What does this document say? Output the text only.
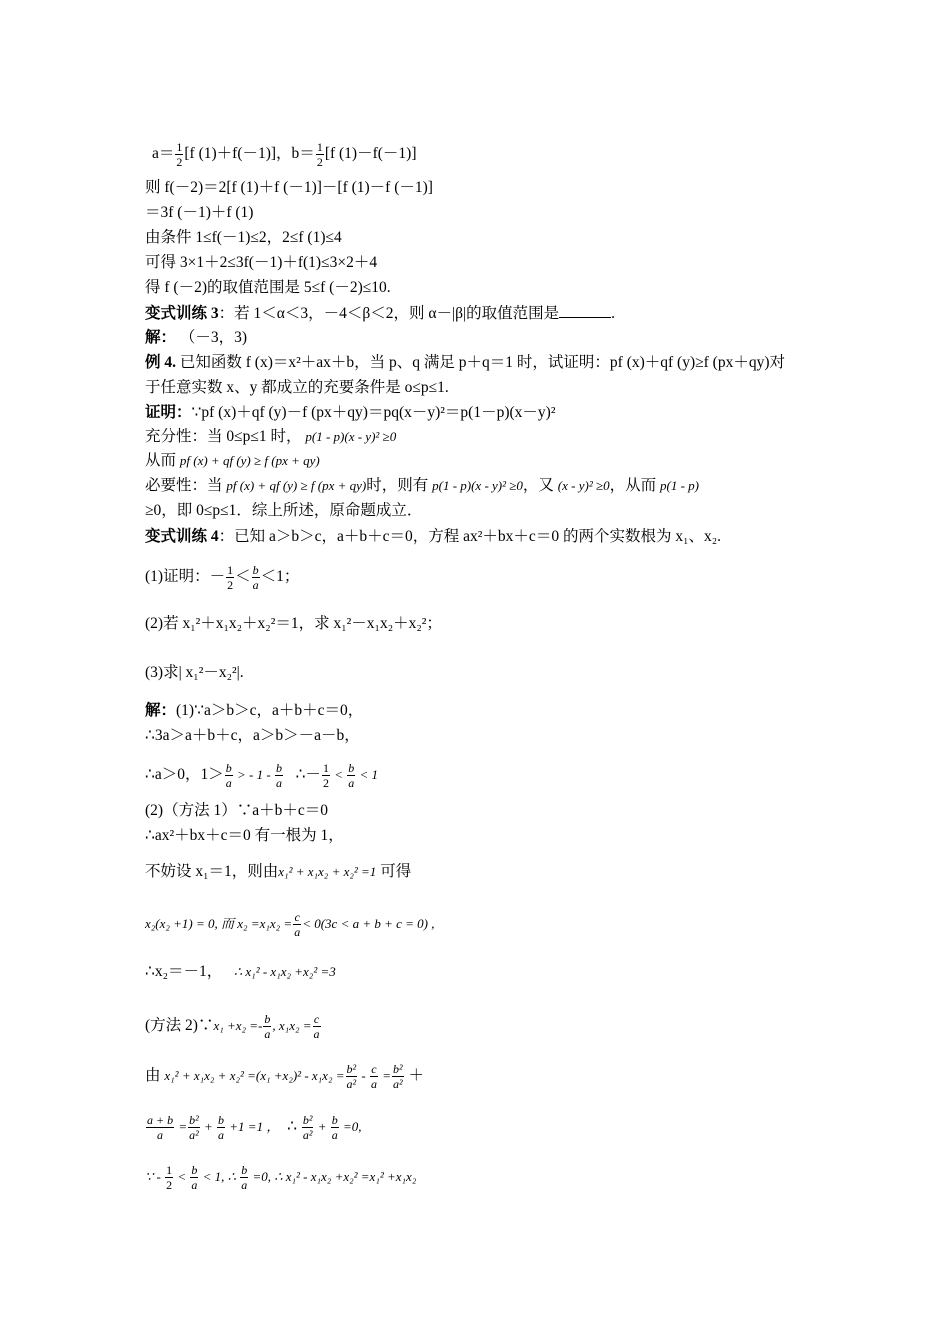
$a= \frac{1}{2} [f$ (1)＋f(－1)]，$b= \frac{1}{2} [f$ (1)－f(－1)]
则 f(－2)＝2[f (1)＋f (－1)]－[f (1)－f (－1)]
＝3f (－1)＋f (1)
由条件 1≤f(－1)≤2，2≤f (1)≤4
可得 3×1＋2≤3f(－1)＋f(1)≤3×2＋4
得 f (－2)的取值范围是 5≤f (－2)≤10.
变式训练 3：若 1＜α＜3，－4＜β＜2，则 α－|β|的取值范围是	.
解： （－3，3)
例 4. 已知函数 f (x)＝x²＋ax＋b，当 p、q 满足 p＋q＝1 时，试证明：pf (x)＋qf (y)≥f (px＋qy)对
于任意实数 x、y 都成立的充要条件是 o≤p≤1.
证明：∵pf (x)＋qf (y)－f (px＋qy)＝pq(x－y)²＝p(1－p)(x－y)²
充分性：当 0≤p≤1 时， p(1 - p)(x - y)² ≥0
从而 pf (x) + qf (y) ≥ f (px + qy)
必要性：当 pf (x) + qf (y) ≥ f (px + qy)时，则有 p(1 - p)(x - y)² ≥0，又 (x - y)² ≥0，从而 p(1 - p)
≥0，即 0≤p≤1．综上所述，原命题成立．
变式训练 4：已知 a＞b＞c，a＋b＋c＝0，方程 ax²＋bx＋c＝0 的两个实数根为 x₁、x₂.
(1)证明：－ $\frac{1}{2} < \frac{b}{a} <1$；
(2)若 x₁²＋x₁x₂＋x₂²＝1，求 x₁²－x₁x₂＋x₂²；
(3)求| x₁²－x₂²|.
解：(1)∵a＞b＞c，a＋b＋c＝0，
∴3a＞a＋b＋c，a＞b＞－a－b，
∴a＞0，$1> \frac{b}{a}$ > - $1 - \frac{b}{a}$ ∴－ $\frac{1}{2} < \frac{b}{a} < 1$
(2)（方法 1）∵a＋b＋c＝0
∴ax²＋bx＋c＝0 有一根为 1，
不妨设 x₁＝1，则由x₁² + x₁x₂ + x₂² =1 可得
x₂(x₂ +1) = 0, 而 $x_2 =x_1x_2 = \frac{c}{a} < 0(3c < a + b + c = 0)$ ,
∴x₂＝－1， ∴ x₁² - x₁x₂ +x₂² =3
(方法 2)∵x₁ $+x_2 =- \frac{b}{a}$ , $x_1x_2 = \frac{c}{a}$
由 $x_1^2 + x_1x_2 + x_2^2 =(x_1 +x_2)^2 - x_1x_2 = \frac{\text{b²}}{\text{a²}} - \frac{c}{a} = \frac{\text{b²}}{\text{a²}}$ ＋
$\frac{a + b}{a} = \frac{\text{b²}}{\text{a²}} + \frac{b}{a} +1 =1$ ， ∴ $\frac{\text{b²}}{\text{a²}} + \frac{b}{a} =0$,
∵ - $\frac{1}{2} < \frac{b}{a} < 1$, ∴ $\frac{b}{a} =0$, ∴ x₁² - x₁x₂ +x₂² =x₁² +x₁x₂
